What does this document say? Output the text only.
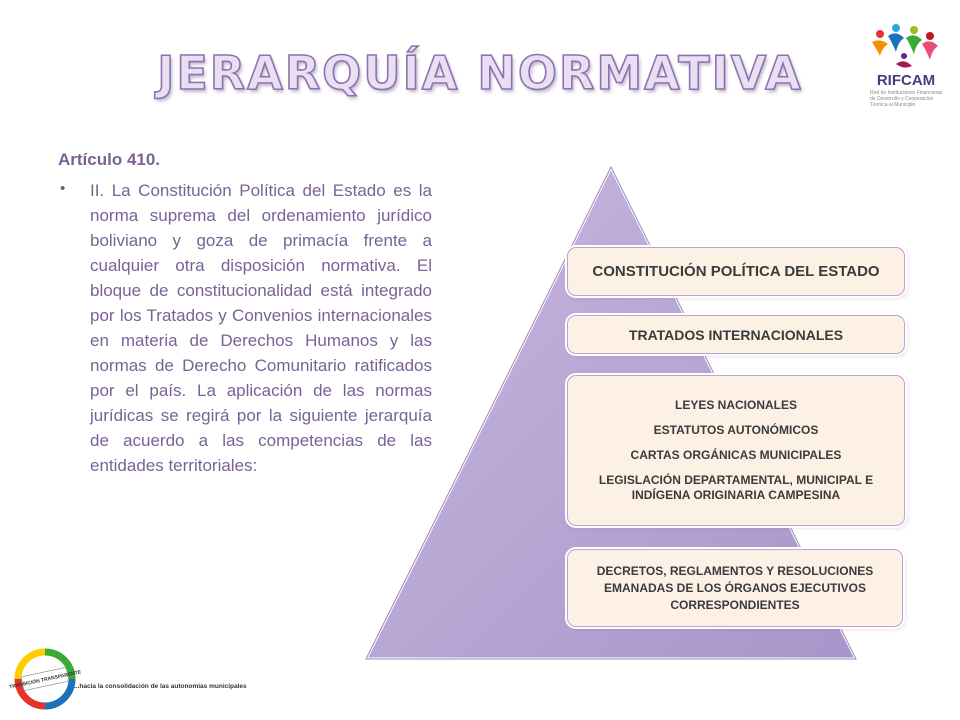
JERARQUÍA NORMATIVA	RIFCAM
Red de Instituciones Financieras de Desarrollo y Cooperación Técnica al Municipio
Artículo 410.
• II. La Constitución Política del Estado es la norma suprema del ordenamiento jurídico boliviano y goza de primacía frente a cualquier otra disposición normativa. El bloque de constitucionalidad está integrado por los Tratados y Convenios internacionales en materia de Derechos Humanos y las normas de Derecho Comunitario ratificados por el país. La aplicación de las normas jurídicas se regirá por la siguiente jerarquía de acuerdo a las competencias de las entidades territoriales:
CONSTITUCIÓN POLÍTICA DEL ESTADO
TRATADOS INTERNACIONALES
LEYES NACIONALES
ESTATUTOS AUTONÓMICOS
CARTAS ORGÁNICAS MUNICIPALES
LEGISLACIÓN DEPARTAMENTAL, MUNICIPAL E INDÍGENA ORIGINARIA CAMPESINA
DECRETOS, REGLAMENTOS Y RESOLUCIONES EMANADAS DE LOS ÓRGANOS EJECUTIVOS CORRESPONDIENTES
TRANSICIÓN TRANSPARENTE
...hacia la consolidación de las autonomías municipales
